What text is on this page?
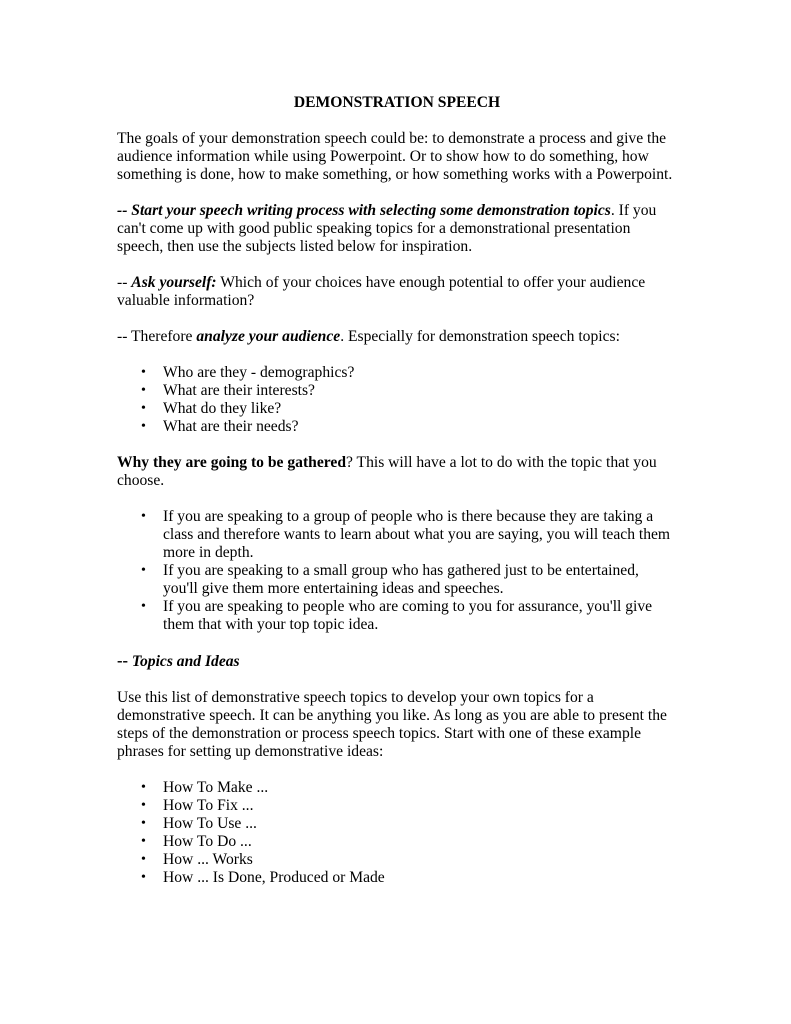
DEMONSTRATION SPEECH

The goals of your demonstration speech could be: to demonstrate a process and give the audience information while using Powerpoint. Or to show how to do something, how something is done, how to make something, or how something works with a Powerpoint.

-- Start your speech writing process with selecting some demonstration topics. If you can't come up with good public speaking topics for a demonstrational presentation speech, then use the subjects listed below for inspiration.

-- Ask yourself: Which of your choices have enough potential to offer your audience valuable information?

-- Therefore analyze your audience. Especially for demonstration speech topics:

• Who are they - demographics?
• What are their interests?
• What do they like?
• What are their needs?

Why they are going to be gathered? This will have a lot to do with the topic that you choose.

• If you are speaking to a group of people who is there because they are taking a class and therefore wants to learn about what you are saying, you will teach them more in depth.
• If you are speaking to a small group who has gathered just to be entertained, you'll give them more entertaining ideas and speeches.
• If you are speaking to people who are coming to you for assurance, you'll give them that with your top topic idea.

-- Topics and Ideas

Use this list of demonstrative speech topics to develop your own topics for a demonstrative speech. It can be anything you like. As long as you are able to present the steps of the demonstration or process speech topics. Start with one of these example phrases for setting up demonstrative ideas:

• How To Make ...
• How To Fix ...
• How To Use ...
• How To Do ...
• How ... Works
• How ... Is Done, Produced or Made
